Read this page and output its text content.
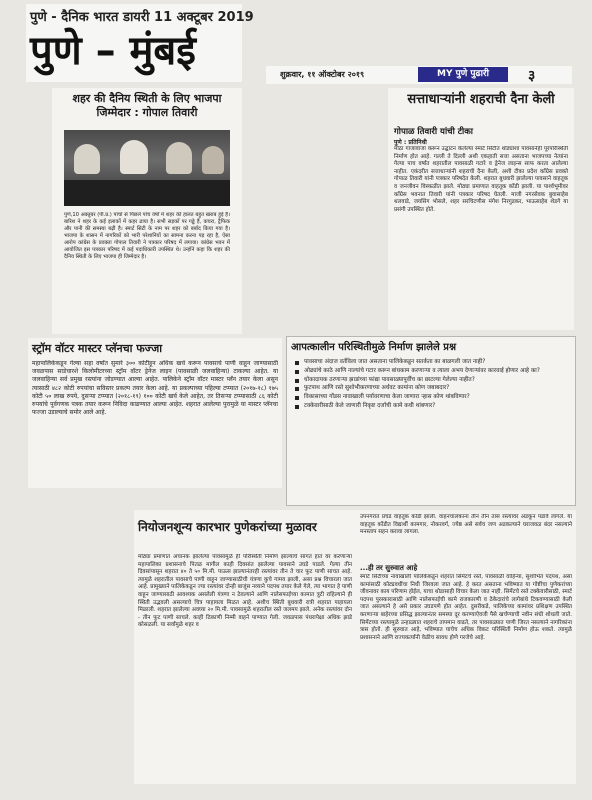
पुणे - दैनिक भारत डायरी 11 अक्टूबर 2019
पुणे – मुंबई
शुक्रवार, ११ ऑक्टोबर २०१९	MY पुणे पुढारी	३
शहर की दैनिय स्थिती के लिए भाजपा जिम्मेदार : गोपाल तिवारी
पुणे,10 अक्तुबर (पी.प्र.) पांचों से पिछले पांच वर्षों में शहर की हालत बहुत खराब हुई है। बारिश ने शहर के कई इलाकों में कहर ढाया है। सभी सड़कों पर गड्ढे हैं, कचरा, ट्रैफिक और पानी की समस्या बढ़ी है। स्मार्ट सिटी के नाम पर शहर को बर्बाद किया गया है। भाजपा के शासन में नागरिकों को भारी परेशानियों का सामना करना पड़ रहा है, ऐसा आरोप कांग्रेस के प्रवक्ता गोपाल तिवारी ने पत्रकार परिषद में लगाया। कांग्रेस भवन में आयोजित इस पत्रकार परिषद में कई पदाधिकारी उपस्थित थे। उन्होंने कहा कि शहर की दैनिय स्थिती के लिए भाजपा ही जिम्मेदार है।
सत्ताधाऱ्यांनी शहराची दैना केली
गोपाळ तिवारी यांची टीका
पुणे : प्रतिनिधी
मोठा गाजावाजा करून उद्घाटन केलेल्या स्मार्ट सिटीत थोड्याशा पावसानेही पूरपरिस्थिती निर्माण होत आहे. गल्ली ते दिल्ली अशी एकहाती सत्ता असताना भाजपच्या नेत्यांना गेल्या पाच वर्षांत शहरातील पावसाळी गटारे व ड्रेनेज लाइन्स साफ करता आलेल्या नाहीत. एकंदरीत सत्ताधाऱ्यांनी शहराची दैना केली, अशी टीका प्रदेश काँग्रेस प्रवक्ते गोपाळ तिवारी यांनी पत्रकार परिषदेत केली. शहरात बुधवारी झालेल्या पावसाने वाहतूक व जनजीवन विस्कळीत झाले. मोठ्या प्रमाणात वाहतूक कोंडी झाली. या पार्श्वभूमीवर काँग्रेस भवनात तिवारी यांनी पत्रकार परिषद घेतली. माजी नगरसेवक बुवासाहेब थलवाडे, जयसिंग भोसले, शहर सरचिटणीस मंगेश निरगुडकर, भाऊसाहेब शेडगे या प्रसंगी उपस्थित होते.
स्ट्रॉम वॉटर मास्टर प्लॅनचा फज्जा
महापालिकेकडून गेल्या सहा वर्षांत सुमारे ३०० कोटींहून अधिक खर्च करून पावसाचे पाणी वाहून जाण्यासाठी जवळपास साडेचारशे किलोमीटरच्या स्ट्रॉम वॉटर ड्रेनेज लाइन (पावसाळी जलवाहिन्या) टाकल्या आहेत. या जलवाहिन्या सर्व प्रमुख रस्त्यांना जोडण्यात आल्या आहेत. पालिकेने स्ट्रॉम वॉटर मास्टर प्लॅन तयार केला असून त्यासाठी ४८२ कोटी रुपयांचा सविस्तर प्रकल्प तयार केला आहे. या प्रकल्पाच्या पहिल्या टप्प्यात (२०१७-१८) १७५ कोटी ५० लाख रुपये, दुसऱ्या टप्प्यात (२०१८-१९) १०० कोटी खर्च केले आहेत, तर तिसऱ्या टप्प्यासाठी ८६ कोटी रुपयांचे पूर्वगणक पत्रक तयार करून निविदा काढण्यात आल्या आहेत. शहरात आलेल्या पुरामुळे या मास्टर प्लॅनचा फज्जा उडाल्याचे समोर आले आहे.
आपत्कालीन परिस्थितीमुळे निर्माण झालेले प्रश्न
पावसाचा अंदाज वर्तविला जात असताना पालिकेकडून सतर्कता का बाळगली जात नाही?
ओढ्यांचे काठे आणि नाल्यांचे गटार करून बांधकाम करणाऱ्या व त्याला अभय देणाऱ्यांवर कारवाई होणार आहे का?
धोकादायक ठरणाऱ्या झाडांच्या फांद्या पावसाळ्यापूर्वीच का छाटल्या गेलेल्या नाहीत?
फुटपाथ आणि रस्ते सुशोभीकरणाच्या अर्धवट कामांना कोण जबाबदार?
विकासाच्या गोंडस नावाखाली पर्यावरणाचा केला जाणारा ऱ्हास कोण थांबविणार?
टक्केवारीसाठी केले जाणारी निकृष्ट दर्जाची कामे कधी थांबणार?
नियोजनशून्य कारभार पुणेकरांच्या मुळावर
मोठ्या प्रमाणात अचानक झालेल्या पावसामुळे ही परिस्थिती निर्माण झाल्याचे सांगत हात वर करणाऱ्या महापालिका प्रशासनाचे पितळ मागील काही दिवसांत झालेल्या पावसाने उघडे पाडले. गेल्या तीन दिवसांपासून शहरात ४० ते ५० मि.मी. पाऊस झाल्यानंतरही रस्त्यांवर तीन ते चार फूट पाणी साचत आहे. त्यामुळे शहरातील पावसाचे पाणी वाहून जाण्यासाठीची यंत्रणा कुचे गामव झाली, असा प्रश्न विचारला जात आहे. प्रामुख्याने पालिकेकडून ज्या रस्त्यांवर दोन्ही बाजूंस नव्याने पदपथ तयार केले गेले, त्या भागात हे पाणी वाहून जाण्यासाठी आवश्यक असलेली यंत्रणा न ठेवल्याने आणि नालेसफाईच्या कामात त्रुटी राहिल्याने ही स्थिती उद्भवली असल्याचे चित्र पाहायला मिळत आहे. अशीच स्थिती बुधवारी रात्री शहरात पाहायला मिळाली. शहरात झालेल्या अवघ्या २० मि.मी. पावसामुळे शहरातील रस्ते जलमय झाले. अनेक रस्त्यांवर दोन - तीन फूट पाणी साचले. काही ठिकाणी निम्मी वाहने पाण्यात गेली. जवळपास पंधरापेक्षा अधिक झाडे कोसळली. या सर्वांमुळे शहर व
उपनगरांत प्रचंड वाहतूक कोंडी झाली. वाहनचालकांना तीन तीन तास रस्त्यावर अडकून पडावे लागले. या वाहतूक कोंडीत विद्यार्थी कामगार, नोकरवर्ग, ज्येष्ठ असे सर्वच जण अडकल्याने घराजवळ बंदर नसल्याने मनस्ताप सहन करावा लागला.
...ही तर सुरुवात आहे
स्मार्ट सिटीच्या नावाखाली पालिकेकडून शहरात सिमेंटचे रस्ते, पावसाळी वाहिन्या, सुशोभित पदपथ, असा कामांसाठी कोट्यवधींचा निधी जिरवला जात आहे. हे करत असताना भविष्यात या गोष्टींचा पुणेकरांच्या जीवनावर काय परिणाम होईल, याचा थोडासाही विचार केला जात नाही. सिमेंटचे रस्ते टक्केवारीसाठी, स्मार्ट पदपथ पुरस्कारासाठी आणि नालेसफाईची कामे राजकारणी व ठेकेदारांचे लागेबांधे टिकवण्यासाठी केली जात असल्याने हे असे प्रकार उघडपणे होत आहेत. दुसरीकडे, पालिकेच्या कामांवर प्रशिक्षण उपस्थित करणाऱ्या बाहेरच्या प्रसिद्ध झाल्यानंतर समस्या दूर करण्याऐवजी पैसे खर्चण्याची नवीन संधी शोधली जाते. सिमेंटच्या रस्त्यामुळे उन्हाळ्यात शहराचे तापमान वाढते, तर पावसाळ्यात पाणी जिरत नसल्याने नागरिकांना त्रास होतो. ही सुरुवात आहे, भविष्यात याचेच अधिक विकट परिस्थिती निर्माण होऊ शकते. त्यामुळे प्रशासनाने आणि राज्यकर्त्यांनी वेळीच सावध होणे गरजेचे आहे.
